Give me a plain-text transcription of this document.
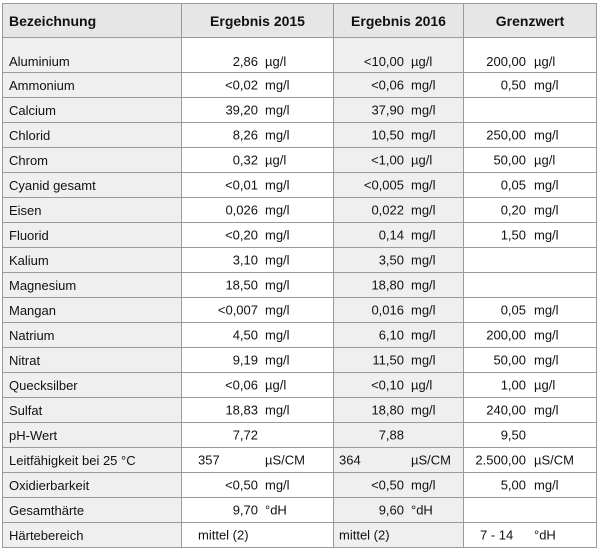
Bezeichnung	Ergebnis 2015	Ergebnis 2016	Grenzwert
Aluminium	2,86 µg/l	<10,00 µg/l	200,00 µg/l

Ammonium	<0,02 mg/l	<0,06 mg/l	0,50 mg/l

Calcium	39,20 mg/l	37,90 mg/l	

Chlorid	8,26 mg/l	10,50 mg/l	250,00 mg/l

Chrom	0,32 µg/l	<1,00 µg/l	50,00 µg/l

Cyanid gesamt	<0,01 mg/l	<0,005 mg/l	0,05 mg/l

Eisen	0,026 mg/l	0,022 mg/l	0,20 mg/l

Fluorid	<0,20 mg/l	0,14 mg/l	1,50 mg/l

Kalium	3,10 mg/l	3,50 mg/l	

Magnesium	18,50 mg/l	18,80 mg/l	

Mangan	<0,007 mg/l	0,016 mg/l	0,05 mg/l

Natrium	4,50 mg/l	6,10 mg/l	200,00 mg/l

Nitrat	9,19 mg/l	11,50 mg/l	50,00 mg/l

Quecksilber	<0,06 µg/l	<0,10 µg/l	1,00 µg/l

Sulfat	18,83 mg/l	18,80 mg/l	240,00 mg/l

pH-Wert	7,72	7,88	9,50

Leitfähigkeit bei 25 °C	357 µS/CM	364 µS/CM	2.500,00 µS/CM

Oxidierbarkeit	<0,50 mg/l	<0,50 mg/l	5,00 mg/l

Gesamthärte	9,70 °dH	9,60 °dH	

Härtebereich	mittel (2)	mittel (2)	7 - 14 °dH
